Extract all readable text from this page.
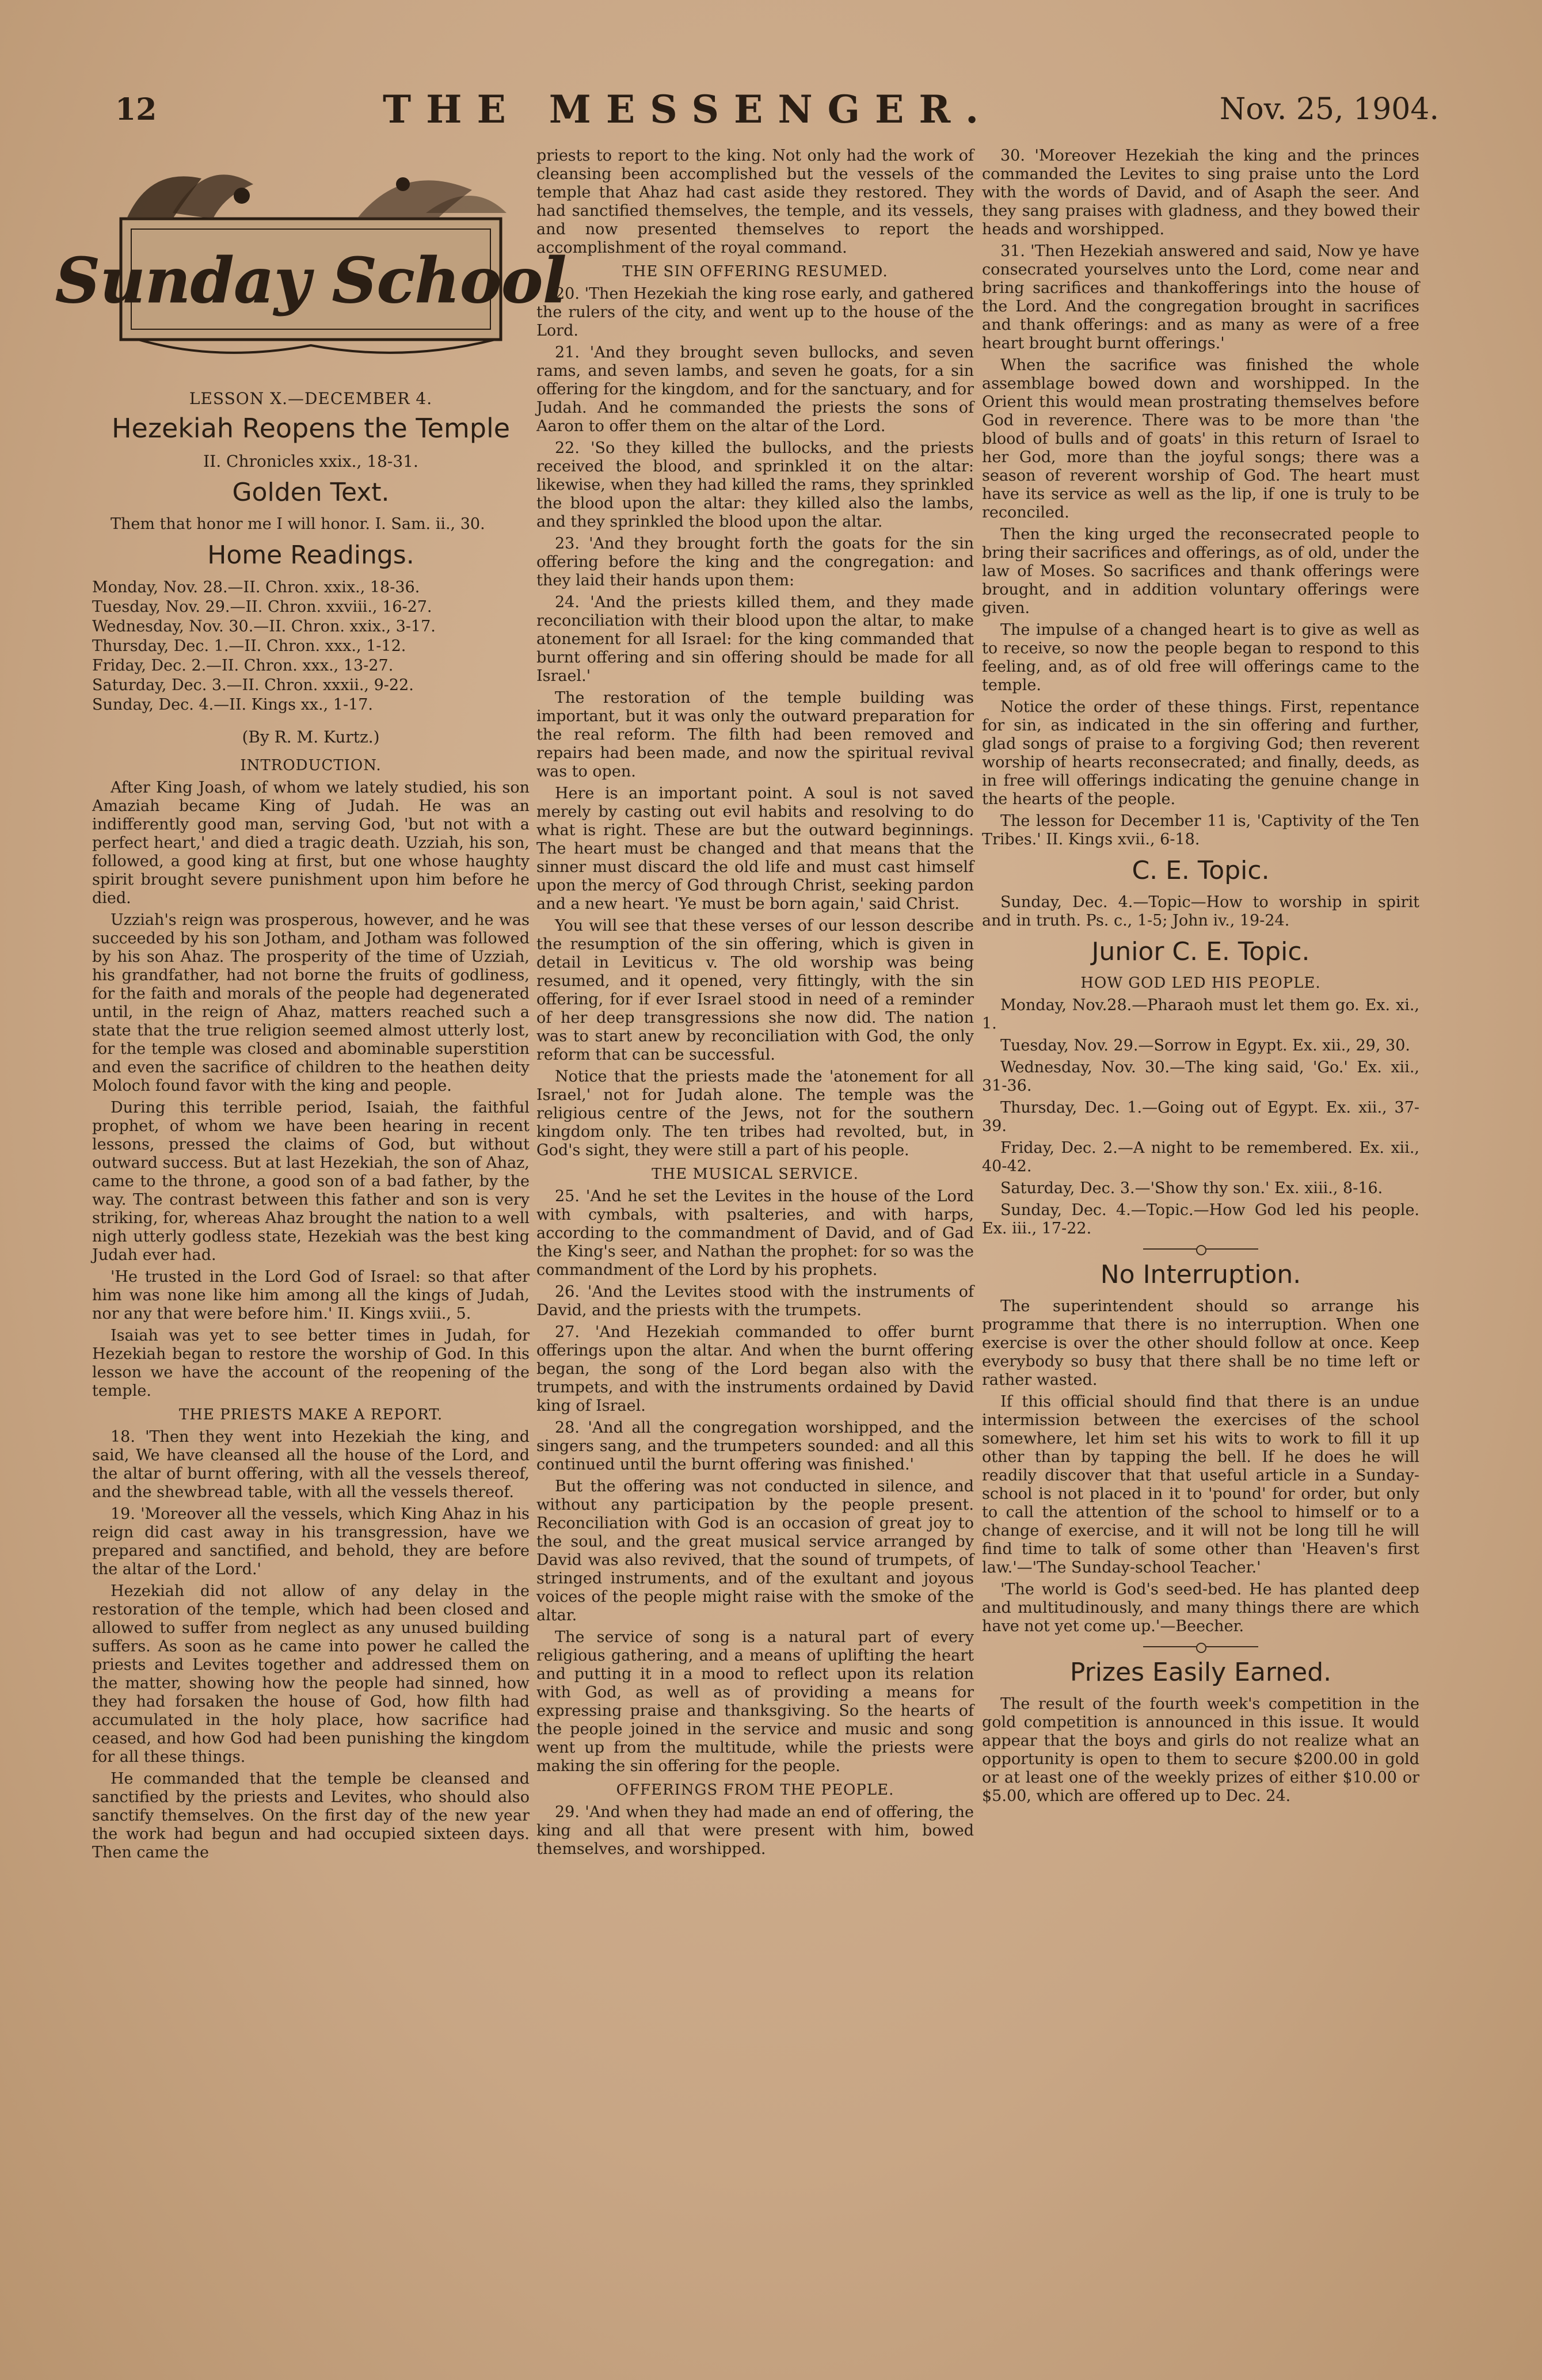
12	THE MESSENGER.	Nov. 25, 1904.
Sunday School
LESSON X.—DECEMBER 4.
Hezekiah Reopens the Temple
II. Chronicles xxix., 18-31.
Golden Text.

Them that honor me I will honor. I. Sam. ii., 30.

Home Readings.

Monday, Nov. 28.—II. Chron. xxix., 18-36.

Tuesday, Nov. 29.—II. Chron. xxviii., 16-27.

Wednesday, Nov. 30.—II. Chron. xxix., 3-17.

Thursday, Dec. 1.—II. Chron. xxx., 1-12.

Friday, Dec. 2.—II. Chron. xxx., 13-27.

Saturday, Dec. 3.—II. Chron. xxxii., 9-22.

Sunday, Dec. 4.—II. Kings xx., 1-17.

(By R. M. Kurtz.)
INTRODUCTION.

After King Joash, of whom we lately studied, his son Amaziah became King of Judah. He was an indifferently good man, serving God, 'but not with a perfect heart,' and died a tragic death. Uzziah, his son, followed, a good king at first, but one whose haughty spirit brought severe punishment upon him before he died.

Uzziah's reign was prosperous, however, and he was succeeded by his son Jotham, and Jotham was followed by his son Ahaz. The prosperity of the time of Uzziah, his grandfather, had not borne the fruits of godliness, for the faith and morals of the people had degenerated until, in the reign of Ahaz, matters reached such a state that the true religion seemed almost utterly lost, for the temple was closed and abominable superstition and even the sacrifice of children to the heathen deity Moloch found favor with the king and people.

During this terrible period, Isaiah, the faithful prophet, of whom we have been hearing in recent lessons, pressed the claims of God, but without outward success. But at last Hezekiah, the son of Ahaz, came to the throne, a good son of a bad father, by the way. The contrast between this father and son is very striking, for, whereas Ahaz brought the nation to a well nigh utterly godless state, Hezekiah was the best king Judah ever had.

'He trusted in the Lord God of Israel: so that after him was none like him among all the kings of Judah, nor any that were before him.' II. Kings xviii., 5.

Isaiah was yet to see better times in Judah, for Hezekiah began to restore the worship of God. In this lesson we have the account of the reopening of the temple.

THE PRIESTS MAKE A REPORT.

18. 'Then they went into Hezekiah the king, and said, We have cleansed all the house of the Lord, and the altar of burnt offering, with all the vessels thereof, and the shewbread table, with all the vessels thereof.

19. 'Moreover all the vessels, which King Ahaz in his reign did cast away in his transgression, have we prepared and sanctified, and behold, they are before the altar of the Lord.'

Hezekiah did not allow of any delay in the restoration of the temple, which had been closed and allowed to suffer from neglect as any unused building suffers. As soon as he came into power he called the priests and Levites together and addressed them on the matter, showing how the people had sinned, how they had forsaken the house of God, how filth had accumulated in the holy place, how sacrifice had ceased, and how God had been punishing the kingdom for all these things.

He commanded that the temple be cleansed and sanctified by the priests and Levites, who should also sanctify themselves. On the first day of the new year the work had begun and had occupied sixteen days. Then came the

priests to report to the king. Not only had the work of cleansing been accomplished but the vessels of the temple that Ahaz had cast aside they restored. They had sanctified themselves, the temple, and its vessels, and now presented themselves to report the accomplishment of the royal command.

THE SIN OFFERING RESUMED.

20. 'Then Hezekiah the king rose early, and gathered the rulers of the city, and went up to the house of the Lord.

21. 'And they brought seven bullocks, and seven rams, and seven lambs, and seven he goats, for a sin offering for the kingdom, and for the sanctuary, and for Judah. And he commanded the priests the sons of Aaron to offer them on the altar of the Lord.

22. 'So they killed the bullocks, and the priests received the blood, and sprinkled it on the altar: likewise, when they had killed the rams, they sprinkled the blood upon the altar: they killed also the lambs, and they sprinkled the blood upon the altar.

23. 'And they brought forth the goats for the sin offering before the king and the congregation: and they laid their hands upon them:

24. 'And the priests killed them, and they made reconciliation with their blood upon the altar, to make atonement for all Israel: for the king commanded that burnt offering and sin offering should be made for all Israel.'

The restoration of the temple building was important, but it was only the outward preparation for the real reform. The filth had been removed and repairs had been made, and now the spiritual revival was to open.

Here is an important point. A soul is not saved merely by casting out evil habits and resolving to do what is right. These are but the outward beginnings. The heart must be changed and that means that the sinner must discard the old life and must cast himself upon the mercy of God through Christ, seeking pardon and a new heart. 'Ye must be born again,' said Christ.

You will see that these verses of our lesson describe the resumption of the sin offering, which is given in detail in Leviticus v. The old worship was being resumed, and it opened, very fittingly, with the sin offering, for if ever Israel stood in need of a reminder of her deep transgressions she now did. The nation was to start anew by reconciliation with God, the only reform that can be successful.

Notice that the priests made the 'atonement for all Israel,' not for Judah alone. The temple was the religious centre of the Jews, not for the southern kingdom only. The ten tribes had revolted, but, in God's sight, they were still a part of his people.

THE MUSICAL SERVICE.

25. 'And he set the Levites in the house of the Lord with cymbals, with psalteries, and with harps, according to the commandment of David, and of Gad the King's seer, and Nathan the prophet: for so was the commandment of the Lord by his prophets.

26. 'And the Levites stood with the instruments of David, and the priests with the trumpets.

27. 'And Hezekiah commanded to offer burnt offerings upon the altar. And when the burnt offering began, the song of the Lord began also with the trumpets, and with the instruments ordained by David king of Israel.

28. 'And all the congregation worshipped, and the singers sang, and the trumpeters sounded: and all this continued until the burnt offering was finished.'

But the offering was not conducted in silence, and without any participation by the people present. Reconciliation with God is an occasion of great joy to the soul, and the great musical service arranged by David was also revived, that the sound of trumpets, of stringed instruments, and of the exultant and joyous voices of the people might raise with the smoke of the altar.

The service of song is a natural part of every religious gathering, and a means of uplifting the heart and putting it in a mood to reflect upon its relation with God, as well as of providing a means for expressing praise and thanksgiving. So the hearts of the people joined in the service and music and song went up from the multitude, while the priests were making the sin offering for the people.

OFFERINGS FROM THE PEOPLE.

29. 'And when they had made an end of offering, the king and all that were present with him, bowed themselves, and worshipped.

30. 'Moreover Hezekiah the king and the princes commanded the Levites to sing praise unto the Lord with the words of David, and of Asaph the seer. And they sang praises with gladness, and they bowed their heads and worshipped.

31. 'Then Hezekiah answered and said, Now ye have consecrated yourselves unto the Lord, come near and bring sacrifices and thankofferings into the house of the Lord. And the congregation brought in sacrifices and thank offerings: and as many as were of a free heart brought burnt offerings.'

When the sacrifice was finished the whole assemblage bowed down and worshipped. In the Orient this would mean prostrating themselves before God in reverence. There was to be more than 'the blood of bulls and of goats' in this return of Israel to her God, more than the joyful songs; there was a season of reverent worship of God. The heart must have its service as well as the lip, if one is truly to be reconciled.

Then the king urged the reconsecrated people to bring their sacrifices and offerings, as of old, under the law of Moses. So sacrifices and thank offerings were brought, and in addition voluntary offerings were given.

The impulse of a changed heart is to give as well as to receive, so now the people began to respond to this feeling, and, as of old free will offerings came to the temple.

Notice the order of these things. First, repentance for sin, as indicated in the sin offering and further, glad songs of praise to a forgiving God; then reverent worship of hearts reconsecrated; and finally, deeds, as in free will offerings indicating the genuine change in the hearts of the people.

The lesson for December 11 is, 'Captivity of the Ten Tribes.' II. Kings xvii., 6-18.

C. E. Topic.

Sunday, Dec. 4.—Topic—How to worship in spirit and in truth. Ps. c., 1-5; John iv., 19-24.

Junior C. E. Topic.
HOW GOD LED HIS PEOPLE.

Monday, Nov.28.—Pharaoh must let them go. Ex. xi., 1.

Tuesday, Nov. 29.—Sorrow in Egypt. Ex. xii., 29, 30.

Wednesday, Nov. 30.—The king said, 'Go.' Ex. xii., 31-36.

Thursday, Dec. 1.—Going out of Egypt. Ex. xii., 37-39.

Friday, Dec. 2.—A night to be remembered. Ex. xii., 40-42.

Saturday, Dec. 3.—'Show thy son.' Ex. xiii., 8-16.

Sunday, Dec. 4.—Topic.—How God led his people. Ex. iii., 17-22.

No Interruption.

The superintendent should so arrange his programme that there is no interruption. When one exercise is over the other should follow at once. Keep everybody so busy that there shall be no time left or rather wasted.

If this official should find that there is an undue intermission between the exercises of the school somewhere, let him set his wits to work to fill it up other than by tapping the bell. If he does he will readily discover that that useful article in a Sunday-school is not placed in it to 'pound' for order, but only to call the attention of the school to himself or to a change of exercise, and it will not be long till he will find time to talk of some other than 'Heaven's first law.'—'The Sunday-school Teacher.'

'The world is God's seed-bed. He has planted deep and multitudinously, and many things there are which have not yet come up.'—Beecher.

Prizes Easily Earned.

The result of the fourth week's competition in the gold competition is announced in this issue. It would appear that the boys and girls do not realize what an opportunity is open to them to secure $200.00 in gold or at least one of the weekly prizes of either $10.00 or $5.00, which are offered up to Dec. 24.
